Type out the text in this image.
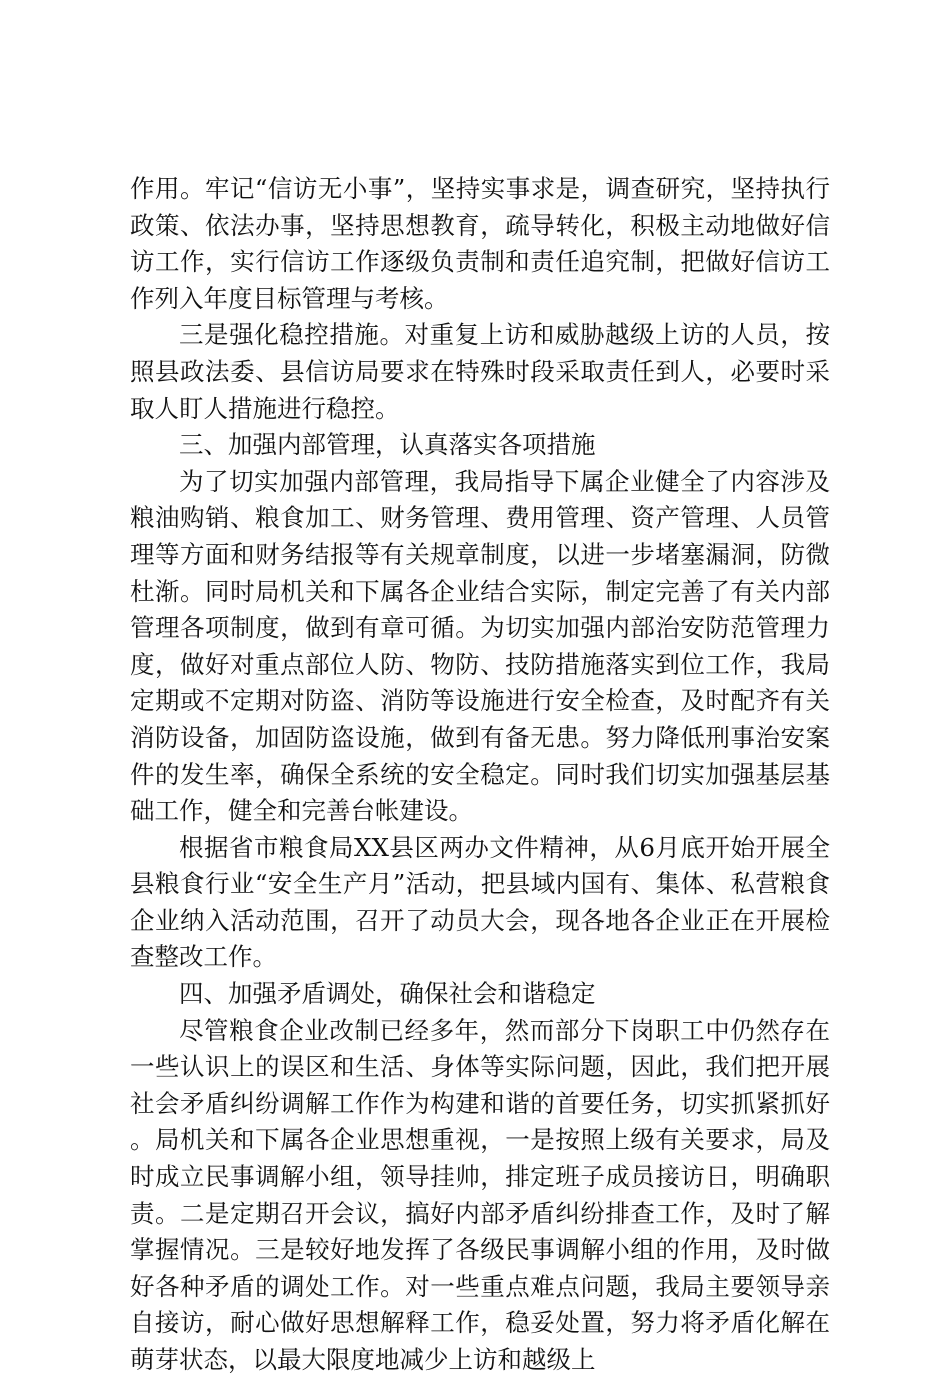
作用。牢记“信访无小事”，坚持实事求是，调查研究，坚持执行政策、依法办事，坚持思想教育，疏导转化，积极主动地做好信访工作，实行信访工作逐级负责制和责任追究制，把做好信访工作列入年度目标管理与考核。

三是强化稳控措施。对重复上访和威胁越级上访的人员，按照县政法委、县信访局要求在特殊时段采取责任到人，必要时采取人盯人措施进行稳控。

三、加强内部管理，认真落实各项措施

为了切实加强内部管理，我局指导下属企业健全了内容涉及粮油购销、粮食加工、财务管理、费用管理、资产管理、人员管理等方面和财务结报等有关规章制度，以进一步堵塞漏洞，防微杜渐。同时局机关和下属各企业结合实际，制定完善了有关内部管理各项制度，做到有章可循。为切实加强内部治安防范管理力度，做好对重点部位人防、物防、技防措施落实到位工作，我局定期或不定期对防盗、消防等设施进行安全检查，及时配齐有关消防设备，加固防盗设施，做到有备无患。努力降低刑事治安案件的发生率，确保全系统的安全稳定。同时我们切实加强基层基础工作，健全和完善台帐建设。

根据省市粮食局XX县区两办文件精神，从6月底开始开展全县粮食行业“安全生产月”活动，把县域内国有、集体、私营粮食企业纳入活动范围，召开了动员大会，现各地各企业正在开展检查整改工作。

四、加强矛盾调处，确保社会和谐稳定

尽管粮食企业改制已经多年，然而部分下岗职工中仍然存在一些认识上的误区和生活、身体等实际问题，因此，我们把开展社会矛盾纠纷调解工作作为构建和谐的首要任务，切实抓紧抓好。局机关和下属各企业思想重视，一是按照上级有关要求，局及时成立民事调解小组，领导挂帅，排定班子成员接访日，明确职责。二是定期召开会议，搞好内部矛盾纠纷排查工作，及时了解掌握情况。三是较好地发挥了各级民事调解小组的作用，及时做好各种矛盾的调处工作。对一些重点难点问题，我局主要领导亲自接访，耐心做好思想解释工作，稳妥处置，努力将矛盾化解在萌芽状态，以最大限度地减少上访和越级上
